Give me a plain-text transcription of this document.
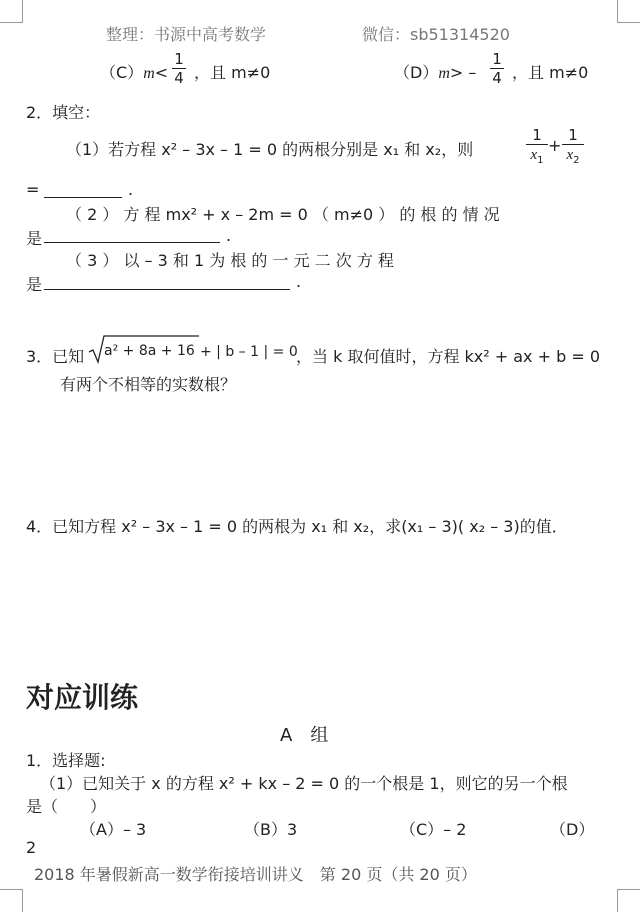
整理：书源中高考数学	微信：sb51314520
$(C)m< \frac{1}{4}$ ，且 m≠0	$(D)m> - \frac{1}{4}$ ，且 m≠0
2．填空：
（1）若方程 x² – 3x – 1 = 0 的两根分别是 x₁ 和 x₂，则	$\frac{1}{x_1} + \frac{1}{x_2}$
=	.
（ 2 ） 方 程 mx² + x – 2m = 0 （ m≠0 ） 的 根 的 情 况
是	.
（ 3 ） 以 – 3 和 1 为 根 的 一 元 二 次 方 程
是	.
3．已知 a² + 8a + 16 + | b – 1 | = 0
，当 k 取何值时，方程 kx² + ax + b = 0
有两个不相等的实数根？
4．已知方程 x² – 3x – 1 = 0 的两根为 x₁ 和 x₂，求(x₁ – 3)( x₂ – 3)的值．
对应训练
A　组
1．选择题:
（1）已知关于 x 的方程 x² + kx – 2 = 0 的一个根是 1，则它的另一个根
是（　　）
（A）– 3	（B）3	（C）– 2	（D）
2
2018 年暑假新高一数学衔接培训讲义　第 20 页（共 20 页）
